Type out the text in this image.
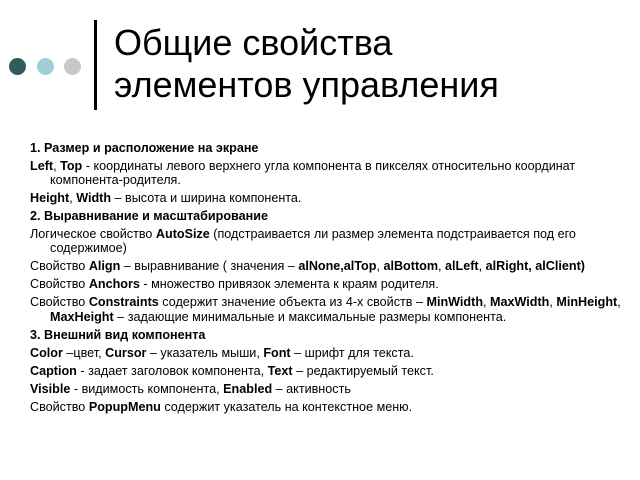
Общие свойства
элементов управления

1. Размер и расположение на экране

Left, Top - координаты левого верхнего угла компонента в пикселях относительно координат компонента-родителя.

Height, Width – высота и ширина компонента.

2. Выравнивание и масштабирование

Логическое свойство AutoSize (подстраивается ли размер элемента подстраивается под его содержимое)

Свойство Align – выравнивание ( значения – alNone,alTop, alBottom, alLeft, alRight, alClient)

Свойство Anchors - множество привязок элемента к краям родителя.

Свойство Constraints содержит значение объекта из 4-х свойств – MinWidth, MaxWidth, MinHeight, MaxHeight – задающие минимальные и максимальные размеры компонента.

3. Внешний вид компонента

Color –цвет, Cursor – указатель мыши, Font – шрифт для текста.

Caption - задает заголовок компонента, Text – редактируемый текст.

Visible - видимость компонента, Enabled – активность

Свойство PopupMenu содержит указатель на контекстное меню.
